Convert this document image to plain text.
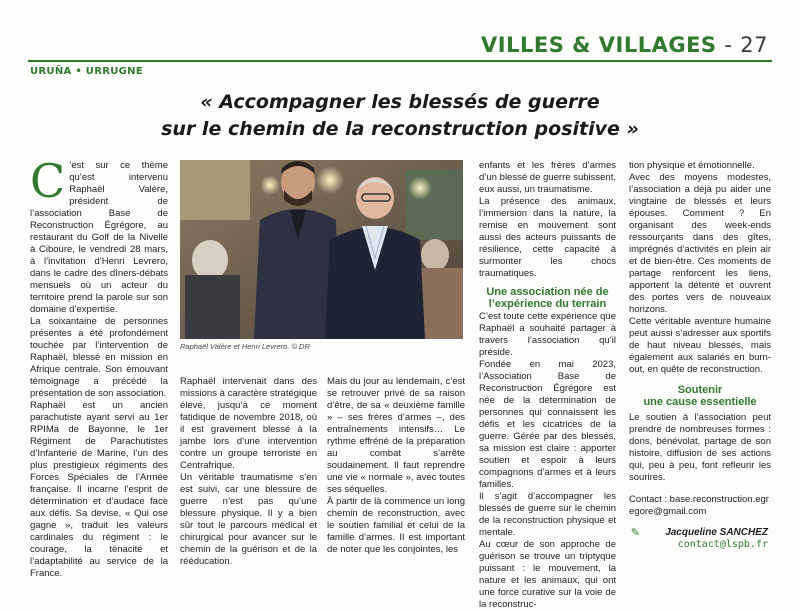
VILLES & VILLAGES - 27
URUÑA • URRUGNE
« Accompagner les blessés de guerre
sur le chemin de la reconstruction positive »

C ’est sur ce thème qu’est intervenu Raphaël Valère, président de l’association Base de Reconstruction Égrégore, au restaurant du Golf de la Nivelle à Ciboure, le vendredi 28 mars, à l’invitation d’Henri Levrero, dans le cadre des dîners-débats mensuels où un acteur du territoire prend la parole sur son domaine d’expertise.

La soixantaine de personnes présentes a été profondément touchée par l’intervention de Raphaël, blessé en mission en Afrique centrale. Son émouvant témoignage a précédé la présentation de son association.

Raphaël est un ancien parachutiste ayant servi au 1er RPIMa de Bayonne, le 1er Régiment de Parachutistes d’Infanterie de Marine, l’un des plus prestigieux régiments des Forces Spéciales de l’Armée française. Il incarne l’esprit de détermination et d’audace face aux défis. Sa devise, « Qui ose gagne », traduit les valeurs cardinales du régiment : le courage, la ténacité et l’adaptabilité au service de la France.

Raphaël Valère et Henri Levrero. © DR

Raphaël intervenait dans des missions à caractère stratégique élevé, jusqu’à ce moment fatidique de novembre 2018, où il est gravement blessé à la jambe lors d’une intervention contre un groupe terroriste en Centrafrique.

Un véritable traumatisme s’en est suivi, car une blessure de guerre n’est pas qu’une blessure physique. Il y a bien sûr tout le parcours médical et chirurgical pour avancer sur le chemin de la guérison et de la rééducation.

Mais du jour au lendemain, c’est se retrouver privé de sa raison d’être, de sa « deuxième famille » – ses frères d’armes –, des entraînements intensifs… Le rythme effréné de la préparation au combat s’arrête soudainement. Il faut reprendre une vie « normale », avec toutes ses séquelles.

À partir de là commence un long chemin de reconstruction, avec le soutien familial et celui de la famille d’armes. Il est important de noter que les conjointes, les

enfants et les frères d’armes d’un blessé de guerre subissent, eux aussi, un traumatisme.

La présence des animaux, l’immersion dans la nature, la remise en mouvement sont aussi des acteurs puissants de résilience, cette capacité à surmonter les chocs traumatiques.

Une association née de l’expérience du terrain

C’est toute cette expérience que Raphaël a souhaité partager à travers l’association qu’il préside.

Fondée en mai 2023, l’Association Base de Reconstruction Égrégore est née de la détermination de personnes qui connaissent les défis et les cicatrices de la guerre. Gérée par des blessés, sa mission est claire : apporter soutien et espoir à leurs compagnons d’armes et à leurs familles.

Il s’agit d’accompagner les blessés de guerre sur le chemin de la reconstruction physique et mentale.

Au cœur de son approche de guérison se trouve un triptyque puissant : le mouvement, la nature et les animaux, qui ont une force curative sur la voie de la reconstruc-

tion physique et émotionnelle.

Avec des moyens modestes, l’association a déjà pu aider une vingtaine de blessés et leurs épouses. Comment ? En organisant des week-ends ressourçants dans des gîtes, imprégnés d’activités en plein air et de bien-être. Ces moments de partage renforcent les liens, apportent la détente et ouvrent des portes vers de nouveaux horizons.

Cette véritable aventure humaine peut aussi s’adresser aux sportifs de haut niveau blessés, mais également aux salariés en burn-out, en quête de reconstruction.

Soutenir
une cause essentielle

Le soutien à l’association peut prendre de nombreuses formes : dons, bénévolat, partage de son histoire, diffusion de ses actions qui, peu à peu, font refleurir les sourires.

Contact : base.reconstruction.egregore@gmail.com

✎	Jacqueline SANCHEZ
contact@lspb.fr
